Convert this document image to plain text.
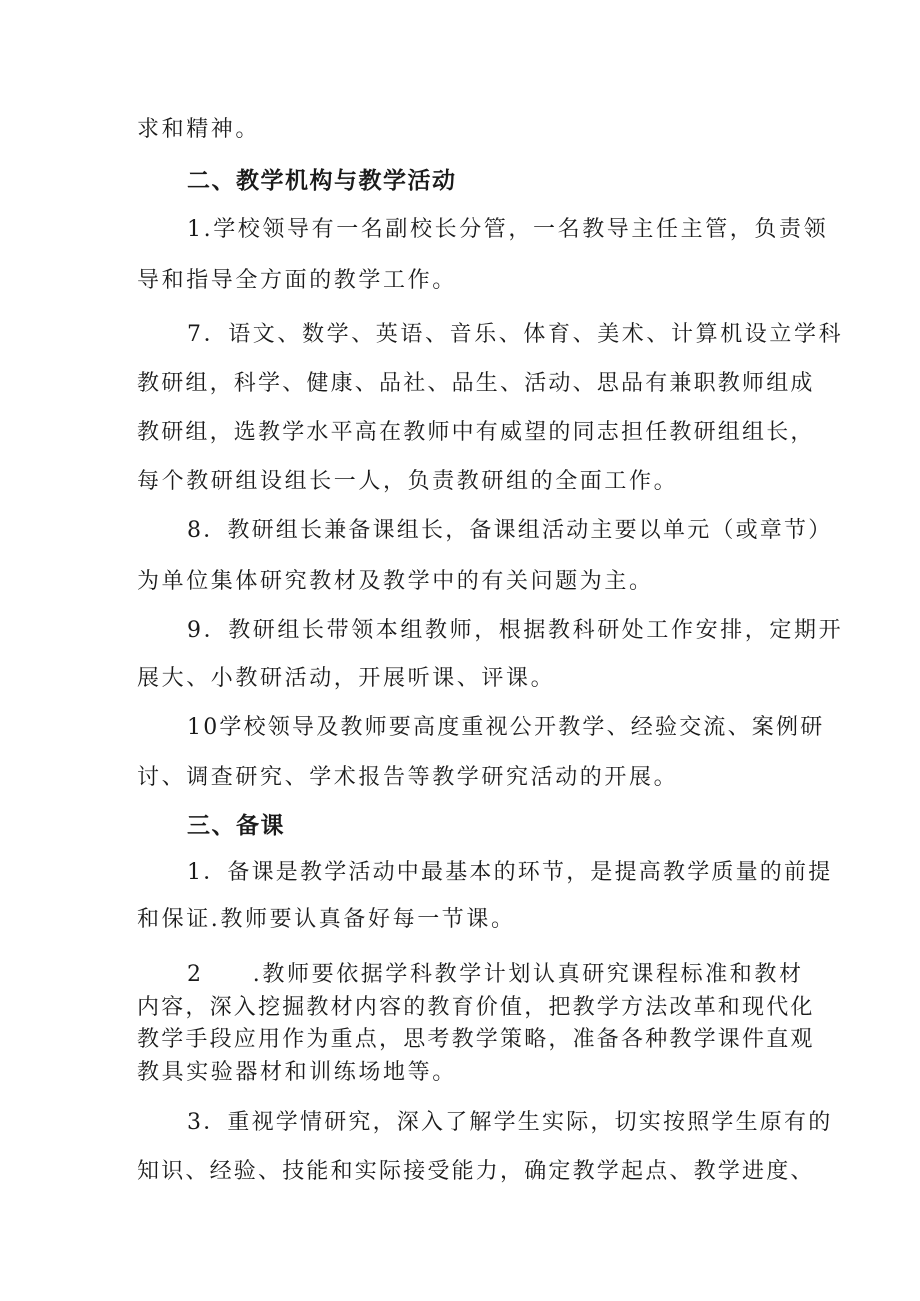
求和精神。
二、教学机构与教学活动
1.学校领导有一名副校长分管，一名教导主任主管，负责领
导和指导全方面的教学工作。
7．语文、数学、英语、音乐、体育、美术、计算机设立学科
教研组，科学、健康、品社、品生、活动、思品有兼职教师组成
教研组，选教学水平高在教师中有威望的同志担任教研组组长，
每个教研组设组长一人，负责教研组的全面工作。
8．教研组长兼备课组长，备课组活动主要以单元（或章节）
为单位集体研究教材及教学中的有关问题为主。
9．教研组长带领本组教师，根据教科研处工作安排，定期开
展大、小教研活动，开展听课、评课。
10学校领导及教师要高度重视公开教学、经验交流、案例研
讨、调查研究、学术报告等教学研究活动的开展。
三、备课
1．备课是教学活动中最基本的环节，是提高教学质量的前提
和保证.教师要认真备好每一节课。
2　　.教师要依据学科教学计划认真研究课程标准和教材
内容，深入挖掘教材内容的教育价值，把教学方法改革和现代化
教学手段应用作为重点，思考教学策略，准备各种教学课件直观
教具实验器材和训练场地等。
3．重视学情研究，深入了解学生实际，切实按照学生原有的
知识、经验、技能和实际接受能力，确定教学起点、教学进度、
